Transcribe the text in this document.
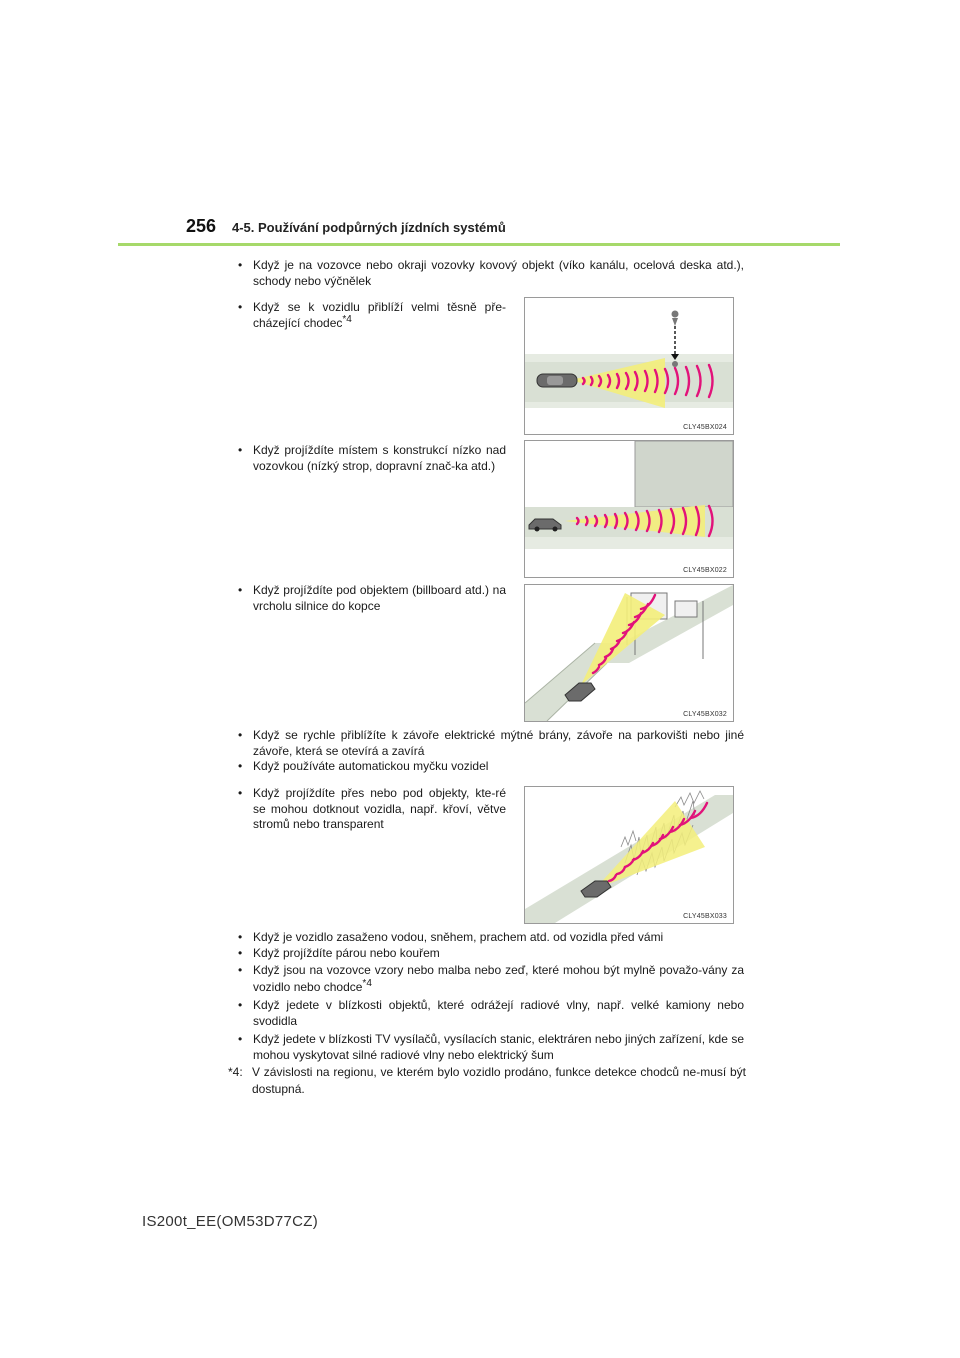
256 4-5. Používání podpůrných jízdních systémů
• Když je na vozovce nebo okraji vozovky kovový objekt (víko kanálu, ocelová deska atd.), schody nebo výčnělek
• Když se k vozidlu přiblíží velmi těsně pře-cházející chodec$^{*4}$
CLY45BX024
• Když projíždíte místem s konstrukcí nízko nad vozovkou (nízký strop, dopravní znač-ka atd.)
CLY45BX022
• Když projíždíte pod objektem (billboard atd.) na vrcholu silnice do kopce
CLY45BX032
• Když se rychle přiblížíte k závoře elektrické mýtné brány, závoře na parkovišti nebo jiné závoře, která se otevírá a zavírá
• Když používáte automatickou myčku vozidel
• Když projíždíte přes nebo pod objekty, kte-ré se mohou dotknout vozidla, např. křoví, větve stromů nebo transparent
CLY45BX033
• Když je vozidlo zasaženo vodou, sněhem, prachem atd. od vozidla před vámi
• Když projíždíte párou nebo kouřem
• Když jsou na vozovce vzory nebo malba nebo zeď, které mohou být mylně považo-vány za vozidlo nebo chodce$^{*4}$
• Když jedete v blízkosti objektů, které odrážejí radiové vlny, např. velké kamiony nebo svodidla
• Když jedete v blízkosti TV vysílačů, vysílacích stanic, elektráren nebo jiných zařízení, kde se mohou vyskytovat silné radiové vlny nebo elektrický šum
*4: V závislosti na regionu, ve kterém bylo vozidlo prodáno, funkce detekce chodců ne-musí být dostupná.
IS200t_EE(OM53D77CZ)
